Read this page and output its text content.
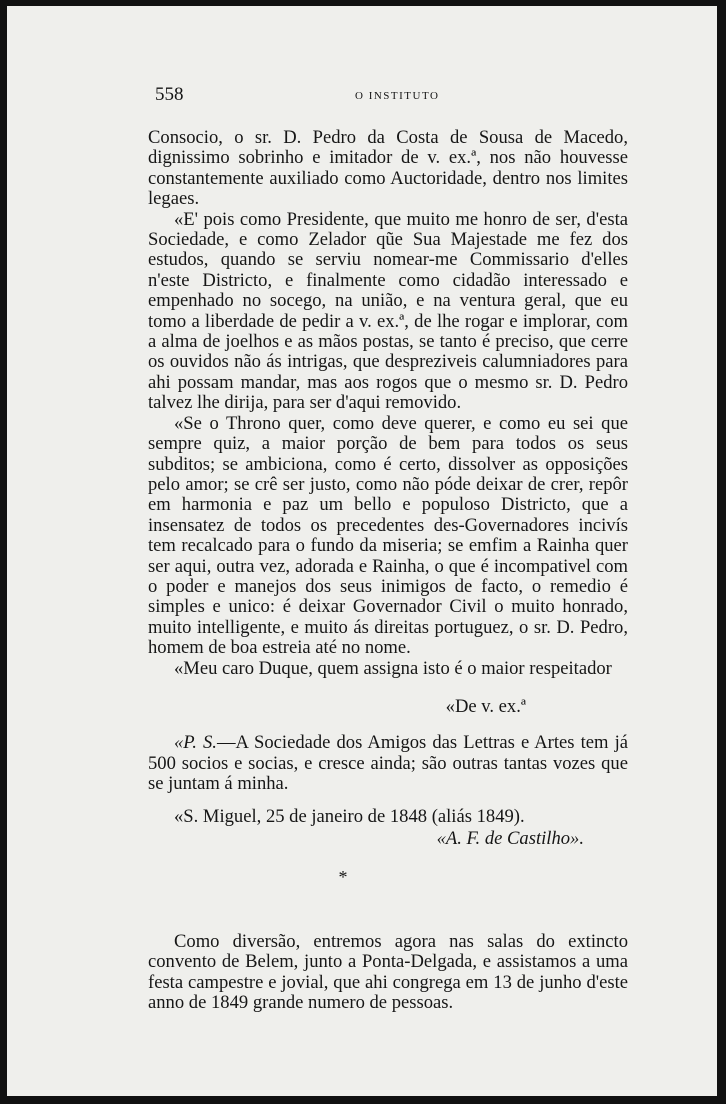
558	O INSTITUTO

Consocio, o sr. D. Pedro da Costa de Sousa de Macedo, dignissimo sobrinho e imitador de v. ex.ª, nos não houvesse constantemente auxiliado como Auctoridade, dentro nos limites legaes.

«E' pois como Presidente, que muito me honro de ser, d'esta Sociedade, e como Zelador qũe Sua Majestade me fez dos estudos, quando se serviu nomear-me Commissario d'elles n'este Districto, e finalmente como cidadão interessado e empenhado no socego, na união, e na ventura geral, que eu tomo a liberdade de pedir a v. ex.ª, de lhe rogar e implorar, com a alma de joelhos e as mãos postas, se tanto é preciso, que cerre os ouvidos não ás intrigas, que despreziveis calumniadores para ahi possam mandar, mas aos rogos que o mesmo sr. D. Pedro talvez lhe dirija, para ser d'aqui removido.

«Se o Throno quer, como deve querer, e como eu sei que sempre quiz, a maior porção de bem para todos os seus subditos; se ambiciona, como é certo, dissolver as opposições pelo amor; se crê ser justo, como não póde deixar de crer, repôr em harmonia e paz um bello e populoso Districto, que a insensatez de todos os precedentes des-Governadores incivís tem recalcado para o fundo da miseria; se emfim a Rainha quer ser aqui, outra vez, adorada e Rainha, o que é incompativel com o poder e manejos dos seus inimigos de facto, o remedio é simples e unico: é deixar Governador Civil o muito honrado, muito intelligente, e muito ás direitas portuguez, o sr. D. Pedro, homem de boa estreia até no nome.

«Meu caro Duque, quem assigna isto é o maior respeitador

«De v. ex.ª

«P. S.—A Sociedade dos Amigos das Lettras e Artes tem já 500 socios e socias, e cresce ainda; são outras tantas vozes que se juntam á minha.

«S. Miguel, 25 de janeiro de 1848 (aliás 1849).

«A. F. de Castilho».

*

Como diversão, entremos agora nas salas do extincto convento de Belem, junto a Ponta-Delgada, e assistamos a uma festa campestre e jovial, que ahi congrega em 13 de junho d'este anno de 1849 grande numero de pessoas.
